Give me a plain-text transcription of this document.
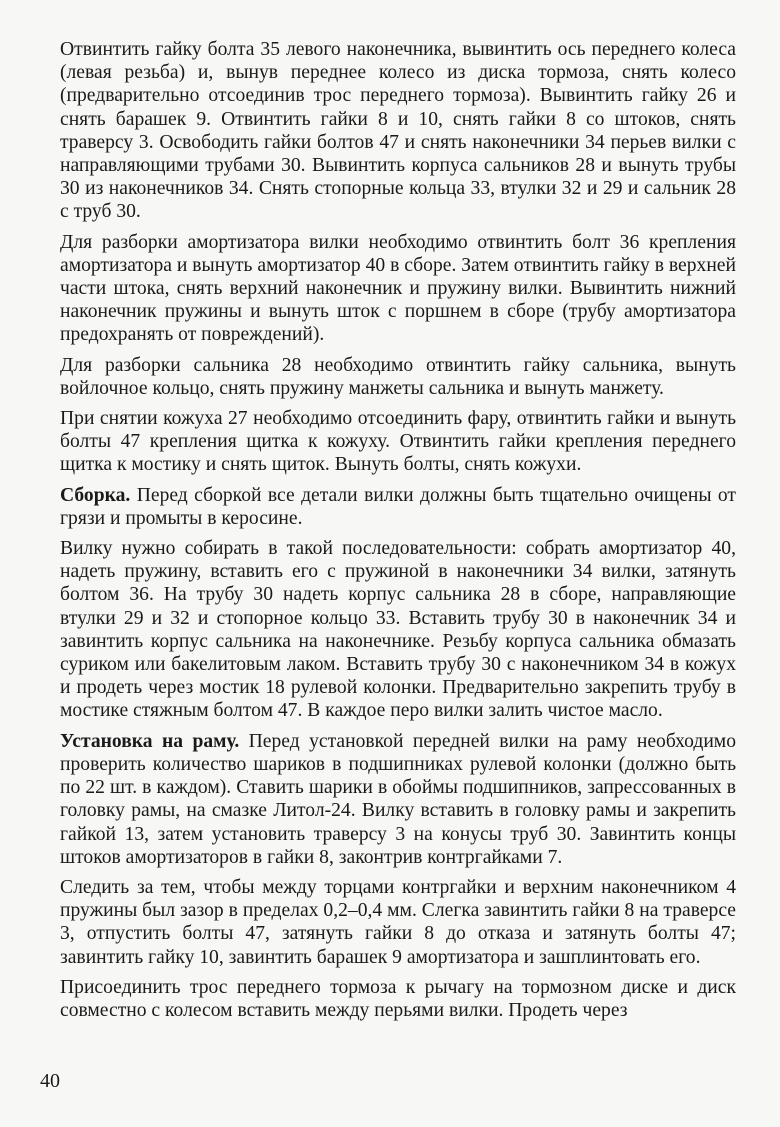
Отвинтить гайку болта 35 левого наконечника, вывинтить ось переднего колеса (левая резьба) и, вынув переднее колесо из диска тормоза, снять колесо (предварительно отсоединив трос переднего тормоза). Вывинтить гайку 26 и снять барашек 9. Отвинтить гайки 8 и 10, снять гайки 8 со штоков, снять траверсу 3. Освободить гайки болтов 47 и снять наконечники 34 перьев вилки с направляющими трубами 30. Вывинтить корпуса сальников 28 и вынуть трубы 30 из наконечников 34. Снять стопорные кольца 33, втулки 32 и 29 и сальник 28 с труб 30.

Для разборки амортизатора вилки необходимо отвинтить болт 36 крепления амортизатора и вынуть амортизатор 40 в сборе. Затем отвинтить гайку в верхней части штока, снять верхний наконечник и пружину вилки. Вывинтить нижний наконечник пружины и вынуть шток с поршнем в сборе (трубу амортизатора предохранять от повреждений).

Для разборки сальника 28 необходимо отвинтить гайку сальника, вынуть войлочное кольцо, снять пружину манжеты сальника и вынуть манжету.

При снятии кожуха 27 необходимо отсоединить фару, отвинтить гайки и вынуть болты 47 крепления щитка к кожуху. Отвинтить гайки крепления переднего щитка к мостику и снять щиток. Вынуть болты, снять кожухи.

Сборка. Перед сборкой все детали вилки должны быть тщательно очищены от грязи и промыты в керосине.

Вилку нужно собирать в такой последовательности: собрать амортизатор 40, надеть пружину, вставить его с пружиной в наконечники 34 вилки, затянуть болтом 36. На трубу 30 надеть корпус сальника 28 в сборе, направляющие втулки 29 и 32 и стопорное кольцо 33. Вставить трубу 30 в наконечник 34 и завинтить корпус сальника на наконечнике. Резьбу корпуса сальника обмазать суриком или бакелитовым лаком. Вставить трубу 30 с наконечником 34 в кожух и продеть через мостик 18 рулевой колонки. Предварительно закрепить трубу в мостике стяжным болтом 47. В каждое перо вилки залить чистое масло.

Установка на раму. Перед установкой передней вилки на раму необходимо проверить количество шариков в подшипниках рулевой колонки (должно быть по 22 шт. в каждом). Ставить шарики в обоймы подшипников, запрессованных в головку рамы, на смазке Литол-24. Вилку вставить в головку рамы и закрепить гайкой 13, затем установить траверсу 3 на конусы труб 30. Завинтить концы штоков амортизаторов в гайки 8, законтрив контргайками 7.

Следить за тем, чтобы между торцами контргайки и верхним наконечником 4 пружины был зазор в пределах 0,2–0,4 мм. Слегка завинтить гайки 8 на траверсе 3, отпустить болты 47, затянуть гайки 8 до отказа и затянуть болты 47; завинтить гайку 10, завинтить барашек 9 амортизатора и зашплинтовать его.

Присоединить трос переднего тормоза к рычагу на тормозном диске и диск совместно с колесом вставить между перьями вилки. Продеть через

40
